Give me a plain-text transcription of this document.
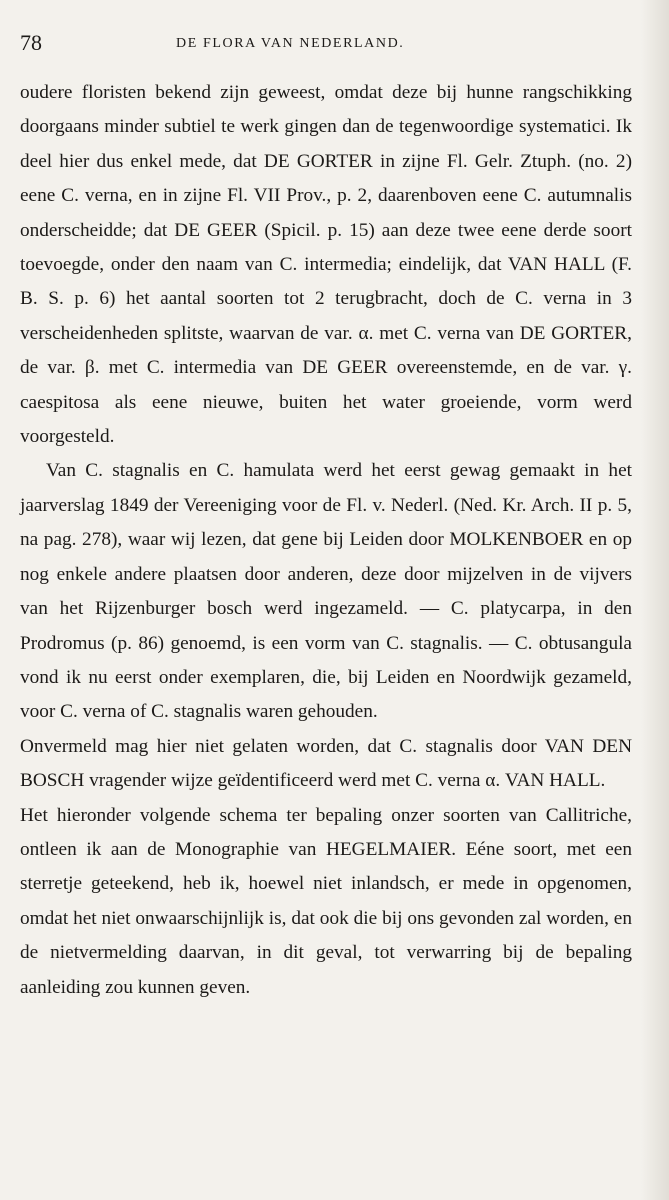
78	DE FLORA VAN NEDERLAND.

oudere floristen bekend zijn geweest, omdat deze bij hunne rangschikking doorgaans minder subtiel te werk gingen dan de tegenwoordige systematici. Ik deel hier dus enkel mede, dat DE GORTER in zijne Fl. Gelr. Ztuph. (no. 2) eene C. verna, en in zijne Fl. VII Prov., p. 2, daarenboven eene C. autumnalis onderscheidde; dat DE GEER (Spicil. p. 15) aan deze twee eene derde soort toevoegde, onder den naam van C. intermedia; eindelijk, dat VAN HALL (F. B. S. p. 6) het aantal soorten tot 2 terugbracht, doch de C. verna in 3 verscheidenheden splitste, waarvan de var. α. met C. verna van DE GORTER, de var. β. met C. intermedia van DE GEER overeenstemde, en de var. γ. caespitosa als eene nieuwe, buiten het water groeiende, vorm werd voorgesteld.

Van C. stagnalis en C. hamulata werd het eerst gewag gemaakt in het jaarverslag 1849 der Vereeniging voor de Fl. v. Nederl. (Ned. Kr. Arch. II p. 5, na pag. 278), waar wij lezen, dat gene bij Leiden door MOLKENBOER en op nog enkele andere plaatsen door anderen, deze door mijzelven in de vijvers van het Rijzenburger bosch werd ingezameld. — C. platycarpa, in den Prodromus (p. 86) genoemd, is een vorm van C. stagnalis. — C. obtusangula vond ik nu eerst onder exemplaren, die, bij Leiden en Noordwijk gezameld, voor C. verna of C. stagnalis waren gehouden.

Onvermeld mag hier niet gelaten worden, dat C. stagnalis door VAN DEN BOSCH vragender wijze geïdentificeerd werd met C. verna α. VAN HALL.

Het hieronder volgende schema ter bepaling onzer soorten van Callitriche, ontleen ik aan de Monographie van HEGELMAIER. Eéne soort, met een sterretje geteekend, heb ik, hoewel niet inlandsch, er mede in opgenomen, omdat het niet onwaarschijnlijk is, dat ook die bij ons gevonden zal worden, en de nietvermelding daarvan, in dit geval, tot verwarring bij de bepaling aanleiding zou kunnen geven.
